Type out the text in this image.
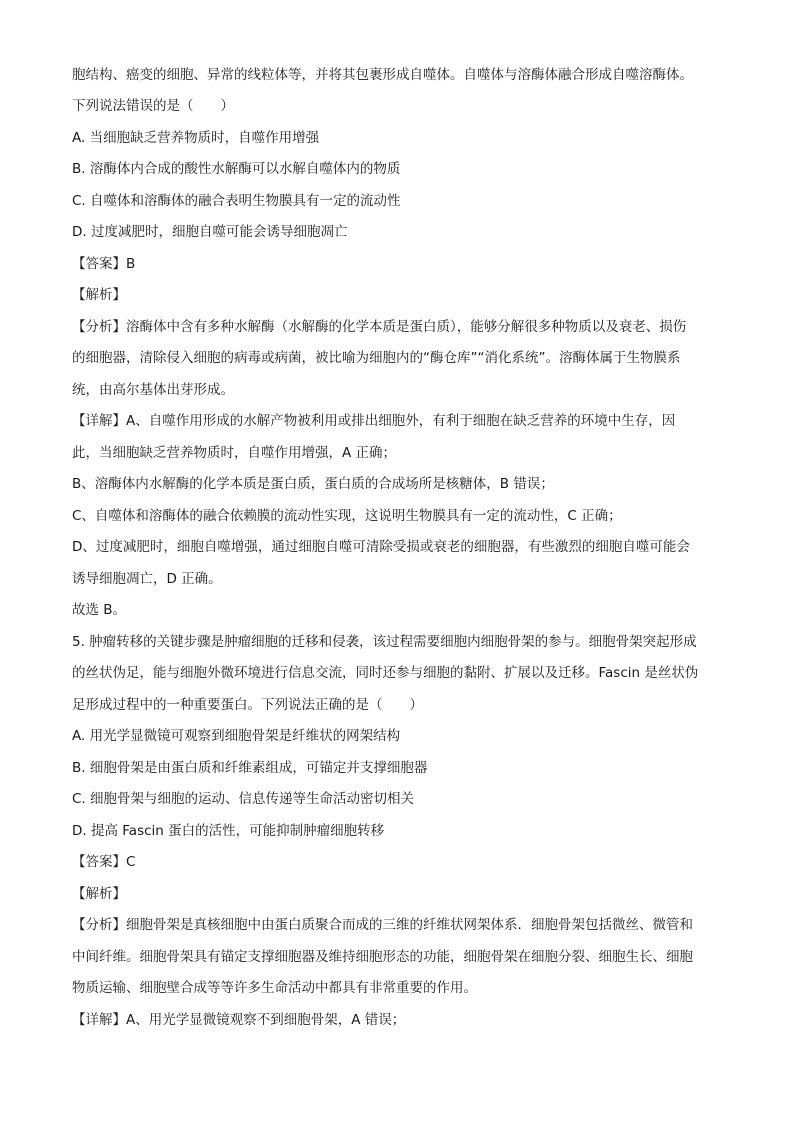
胞结构、癌变的细胞、异常的线粒体等，并将其包裹形成自噬体。自噬体与溶酶体融合形成自噬溶酶体。
下列说法错误的是（　　）
A. 当细胞缺乏营养物质时，自噬作用增强
B. 溶酶体内合成的酸性水解酶可以水解自噬体内的物质
C. 自噬体和溶酶体的融合表明生物膜具有一定的流动性
D. 过度减肥时，细胞自噬可能会诱导细胞凋亡
【答案】B
【解析】
【分析】溶酶体中含有多种水解酶（水解酶的化学本质是蛋白质），能够分解很多种物质以及衰老、损伤
的细胞器，清除侵入细胞的病毒或病菌，被比喻为细胞内的“酶仓库”“消化系统”。溶酶体属于生物膜系
统，由高尔基体出芽形成。
【详解】A、自噬作用形成的水解产物被利用或排出细胞外，有利于细胞在缺乏营养的环境中生存，因
此，当细胞缺乏营养物质时，自噬作用增强，A 正确；
B、溶酶体内水解酶的化学本质是蛋白质，蛋白质的合成场所是核糖体，B 错误；
C、自噬体和溶酶体的融合依赖膜的流动性实现，这说明生物膜具有一定的流动性，C 正确；
D、过度减肥时，细胞自噬增强，通过细胞自噬可清除受损或衰老的细胞器，有些激烈的细胞自噬可能会
诱导细胞凋亡，D 正确。
故选 B。
5. 肿瘤转移的关键步骤是肿瘤细胞的迁移和侵袭，该过程需要细胞内细胞骨架的参与。细胞骨架突起形成
的丝状伪足，能与细胞外微环境进行信息交流，同时还参与细胞的黏附、扩展以及迁移。Fascin 是丝状伪
足形成过程中的一种重要蛋白。下列说法正确的是（　　）
A. 用光学显微镜可观察到细胞骨架是纤维状的网架结构
B. 细胞骨架是由蛋白质和纤维素组成，可锚定并支撑细胞器
C. 细胞骨架与细胞的运动、信息传递等生命活动密切相关
D. 提高 Fascin 蛋白的活性，可能抑制肿瘤细胞转移
【答案】C
【解析】
【分析】细胞骨架是真核细胞中由蛋白质聚合而成的三维的纤维状网架体系．细胞骨架包括微丝、微管和
中间纤维。细胞骨架具有锚定支撑细胞器及维持细胞形态的功能，细胞骨架在细胞分裂、细胞生长、细胞
物质运输、细胞壁合成等等许多生命活动中都具有非常重要的作用。
【详解】A、用光学显微镜观察不到细胞骨架，A 错误；
